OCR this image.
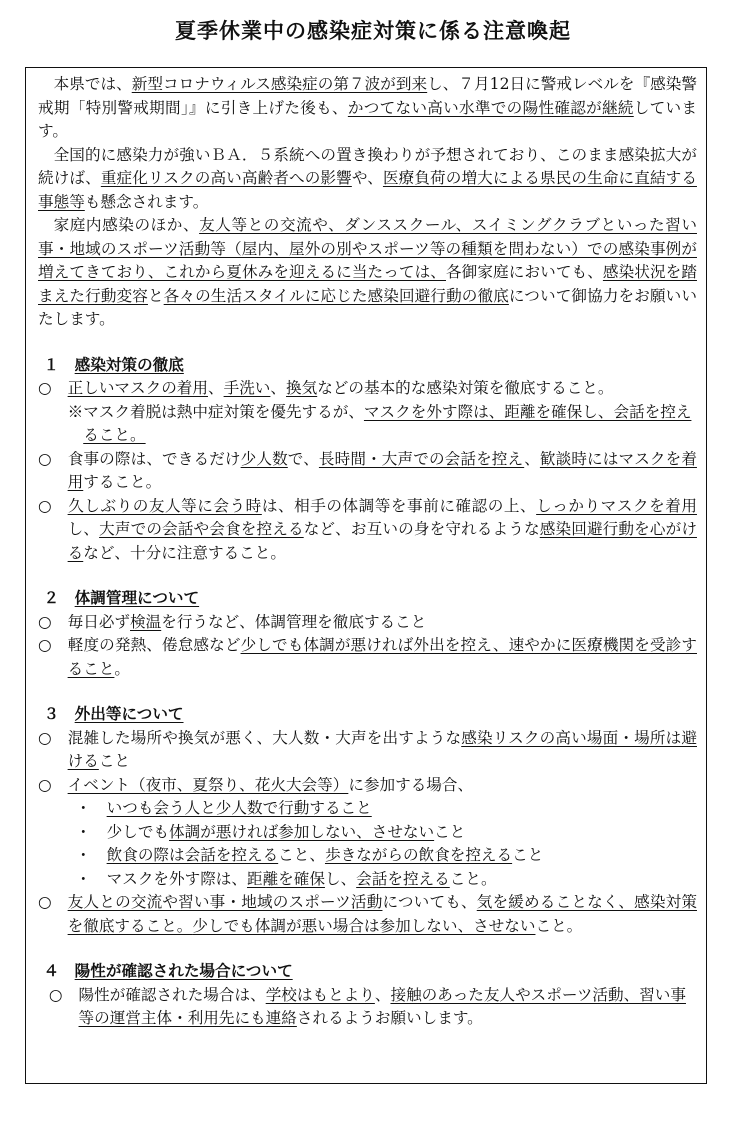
夏季休業中の感染症対策に係る注意喚起

本県では、新型コロナウィルス感染症の第７波が到来し、７月12日に警戒レベルを『感染警戒期「特別警戒期間」』に引き上げた後も、かつてない高い水準での陽性確認が継続しています。

全国的に感染力が強いＢＡ．５系統への置き換わりが予想されており、このまま感染拡大が続けば、重症化リスクの高い高齢者への影響や、医療負荷の増大による県民の生命に直結する事態等も懸念されます。

家庭内感染のほか、友人等との交流や、ダンススクール、スイミングクラブといった習い事・地域のスポーツ活動等（屋内、屋外の別やスポーツ等の種類を問わない）での感染事例が増えてきており、これから夏休みを迎えるに当たっては、各御家庭においても、感染状況を踏まえた行動変容と各々の生活スタイルに応じた感染回避行動の徹底について御協力をお願いいたします。

１　 感染対策の徹底

○ 正しいマスクの着用、手洗い、換気などの基本的な感染対策を徹底すること。

※マスク着脱は熱中症対策を優先するが、マスクを外す際は、距離を確保し、会話を控えること。

○ 食事の際は、できるだけ少人数で、長時間・大声での会話を控え、歓談時にはマスクを着用すること。

○ 久しぶりの友人等に会う時は、相手の体調等を事前に確認の上、しっかりマスクを着用し、大声での会話や会食を控えるなど、お互いの身を守れるような感染回避行動を心がけるなど、十分に注意すること。

２　 体調管理について

○ 毎日必ず検温を行うなど、体調管理を徹底すること

○ 軽度の発熱、倦怠感など少しでも体調が悪ければ外出を控え、速やかに医療機関を受診すること。

３　 外出等について

○ 混雑した場所や換気が悪く、大人数・大声を出すような感染リスクの高い場面・場所は避けること

○ イベント（夜市、夏祭り、花火大会等）に参加する場合、

・ いつも会う人と少人数で行動すること

・ 少しでも体調が悪ければ参加しない、させないこと

・ 飲食の際は会話を控えること、歩きながらの飲食を控えること

・ マスクを外す際は、距離を確保し、会話を控えること。

○ 友人との交流や習い事・地域のスポーツ活動についても、気を緩めることなく、感染対策を徹底すること。少しでも体調が悪い場合は参加しない、させないこと。

４　 陽性が確認された場合について

○ 陽性が確認された場合は、学校はもとより、接触のあった友人やスポーツ活動、習い事等の運営主体・利用先にも連絡されるようお願いします。
